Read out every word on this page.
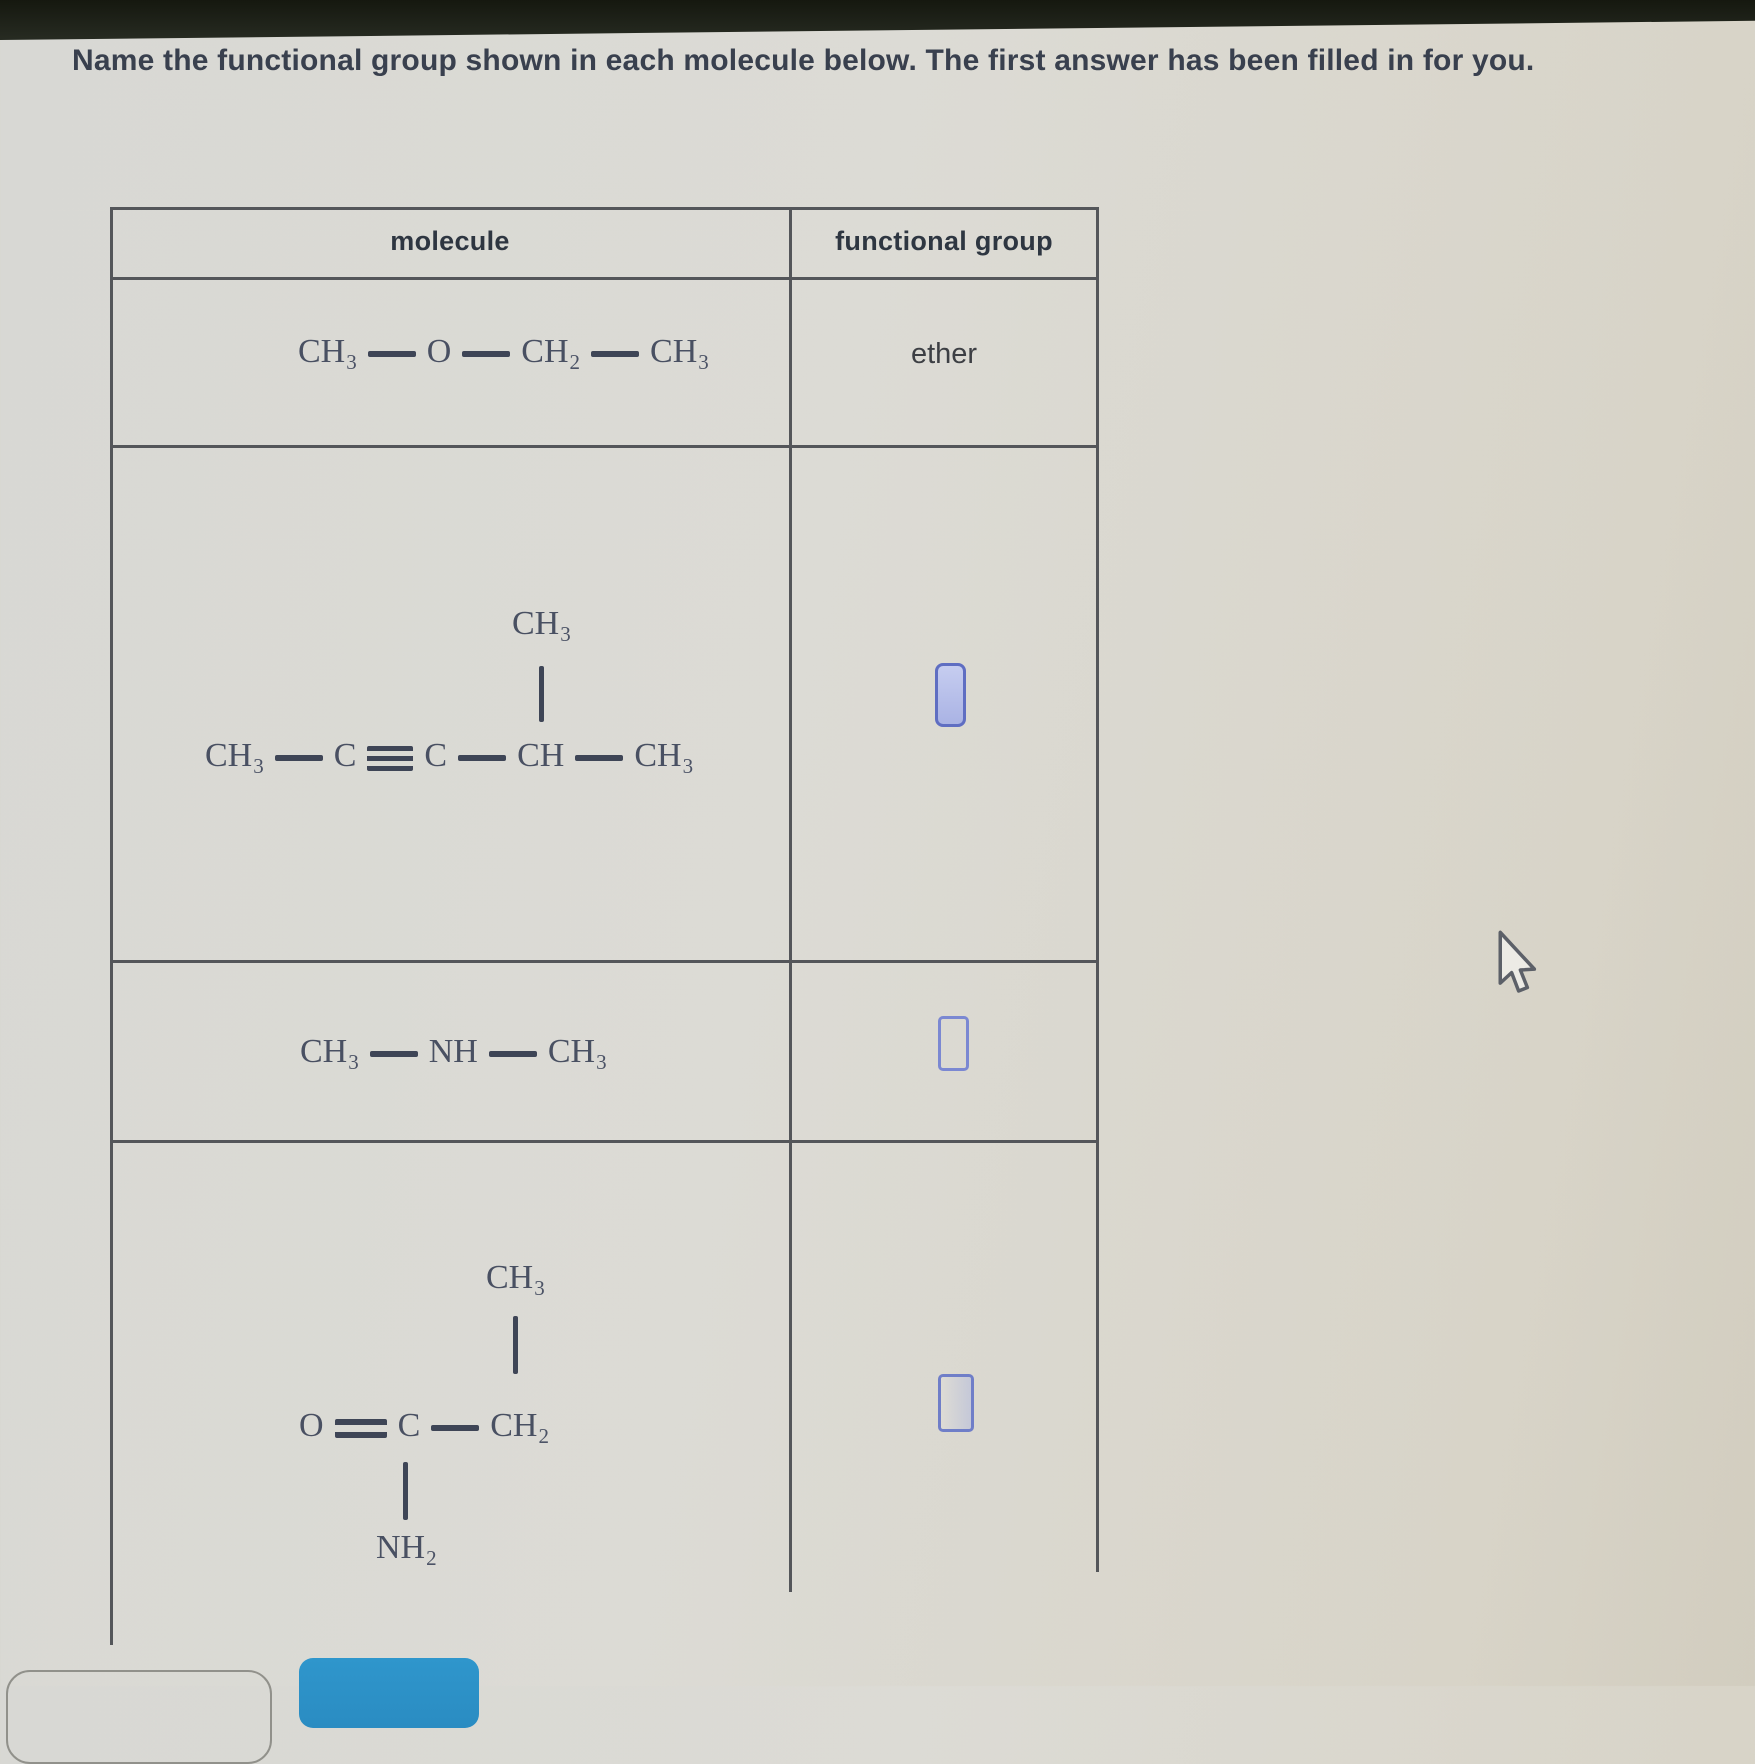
Name the functional group shown in each molecule below. The first answer has been filled in for you.
molecule	functional group
$CH_3$ O $CH_2$ $CH_3$	ether
$CH_3$
$CH_3$ C C CH $CH_3$
$CH_3$ NH $CH_3$
$CH_3$
O C $CH_2$
$NH_2$
